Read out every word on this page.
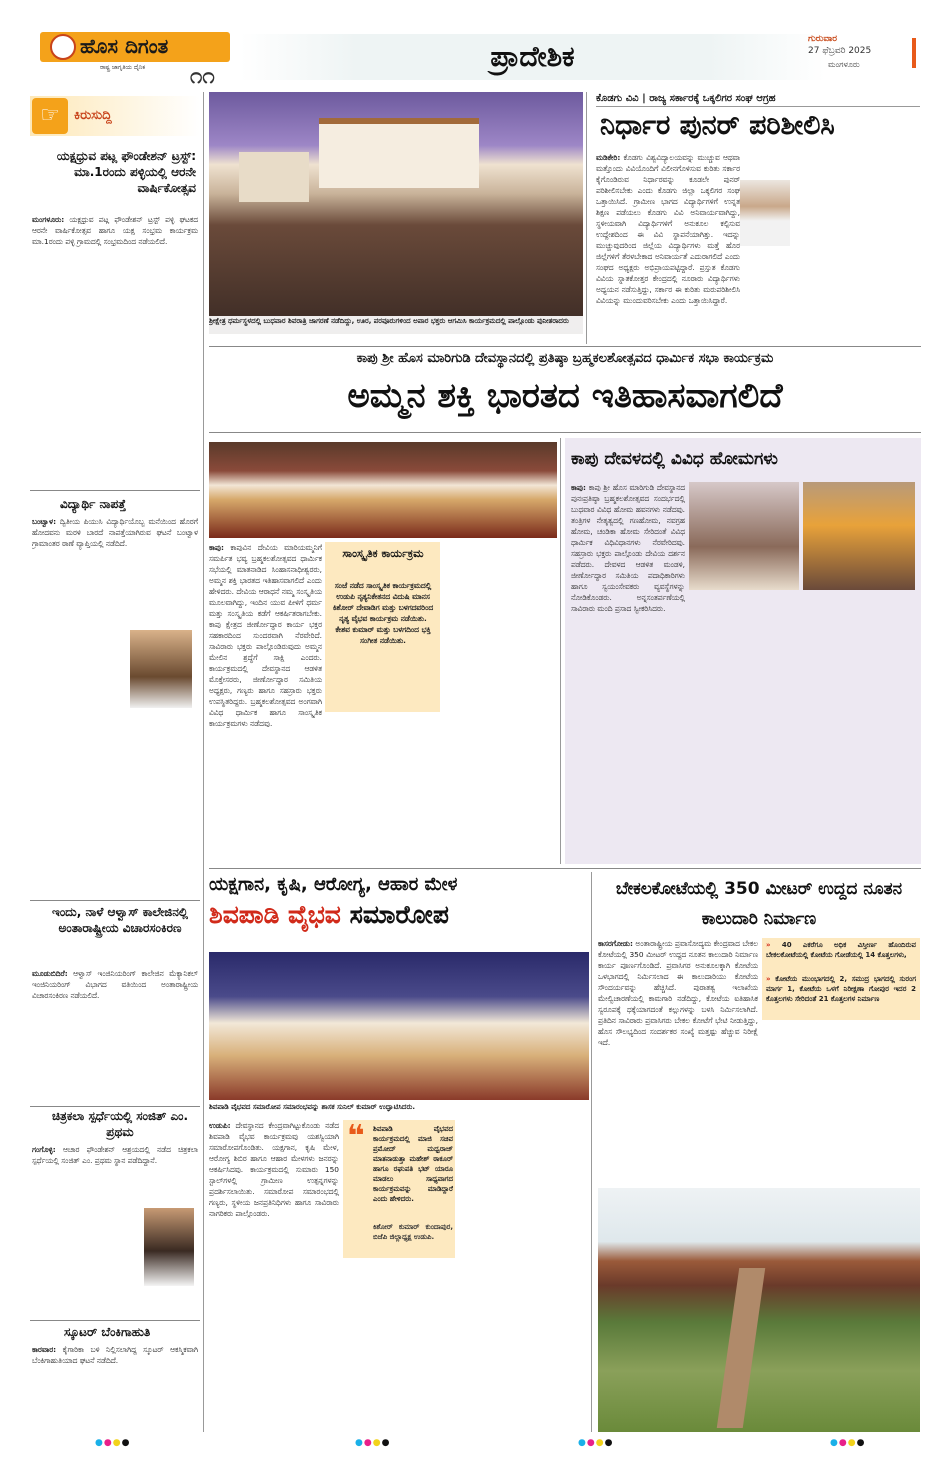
ಹೊಸ ದಿಗಂತ
ರಾಷ್ಟ್ರ ಜಾಗೃತಿಯ ದೈನಿಕ ೧೧
ಪ್ರಾದೇಶಿಕ
ಗುರುವಾರ
27 ಫೆಬ್ರವರಿ 2025
ಮಂಗಳೂರು
☞	ಕಿರುಸುದ್ದಿ
ಯಕ್ಷಧ್ರುವ ಪಟ್ಲ ಫೌಂಡೇಶನ್ ಟ್ರಸ್ಟ್: ಮಾ.1ರಂದು ಪಳ್ಳಿಯಲ್ಲಿ ಆರನೇ ವಾರ್ಷಿಕೋತ್ಸವ
ಮಂಗಳೂರು: ಯಕ್ಷಧ್ರುವ ಪಟ್ಲ ಫೌಂಡೇಶನ್ ಟ್ರಸ್ಟ್ ಪಳ್ಳಿ ಘಟಕದ ಆರನೇ ವಾರ್ಷಿಕೋತ್ಸವ ಹಾಗೂ ಯಕ್ಷ ಸಂಭ್ರಮ ಕಾರ್ಯಕ್ರಮ ಮಾ.1ರಂದು ಪಳ್ಳಿ ಗ್ರಾಮದಲ್ಲಿ ಸಂಭ್ರಮದಿಂದ ನಡೆಯಲಿದೆ.
ವಿದ್ಯಾರ್ಥಿ ನಾಪತ್ತೆ
ಬಂಟ್ವಾಳ: ದ್ವಿತೀಯ ಪಿಯುಸಿ ವಿದ್ಯಾರ್ಥಿಯೊಬ್ಬ ಮನೆಯಿಂದ ಹೊರಗೆ ಹೋದವನು ಮರಳಿ ಬಾರದೆ ನಾಪತ್ತೆಯಾಗಿರುವ ಘಟನೆ ಬಂಟ್ವಾಳ ಗ್ರಾಮಾಂತರ ಠಾಣೆ ವ್ಯಾಪ್ತಿಯಲ್ಲಿ ನಡೆದಿದೆ.
ಇಂದು, ನಾಳೆ ಆಳ್ವಾಸ್ ಕಾಲೇಜಿನಲ್ಲಿ ಅಂತಾರಾಷ್ಟ್ರೀಯ ವಿಚಾರಸಂಕಿರಣ
ಮೂಡುಬಿದಿರೆ: ಆಳ್ವಾಸ್ ಇಂಜಿನಿಯರಿಂಗ್ ಕಾಲೇಜಿನ ಮೆಕ್ಯಾನಿಕಲ್ ಇಂಜಿನಿಯರಿಂಗ್ ವಿಭಾಗದ ವತಿಯಿಂದ ಅಂತಾರಾಷ್ಟ್ರೀಯ ವಿಚಾರಸಂಕಿರಣ ನಡೆಯಲಿದೆ.
ಚಿತ್ರಕಲಾ ಸ್ಪರ್ಧೆಯಲ್ಲಿ ಸಂಜಿತ್ ಎಂ. ಪ್ರಥಮ
ಗಂಗೊಳ್ಳಿ: ಆಚಾರ ಫೌಂಡೇಶನ್ ಆಶ್ರಯದಲ್ಲಿ ನಡೆದ ಚಿತ್ರಕಲಾ ಸ್ಪರ್ಧೆಯಲ್ಲಿ ಸಂಜಿತ್ ಎಂ. ಪ್ರಥಮ ಸ್ಥಾನ ಪಡೆದಿದ್ದಾನೆ.
ಸ್ಕೂಟರ್ ಬೆಂಕಿಗಾಹುತಿ
ಕಾರವಾರ: ಕೈಗಾರಿಕಾ ಬಳಿ ನಿಲ್ಲಿಸಲಾಗಿದ್ದ ಸ್ಕೂಟರ್ ಆಕಸ್ಮಿಕವಾಗಿ ಬೆಂಕಿಗಾಹುತಿಯಾದ ಘಟನೆ ನಡೆದಿದೆ.
ಶ್ರೀಕ್ಷೇತ್ರ ಧರ್ಮಸ್ಥಳದಲ್ಲಿ ಬುಧವಾರ ಶಿವರಾತ್ರಿ ಜಾಗರಣೆ ನಡೆದಿದ್ದು, ಊರ, ಪರವೂರುಗಳಿಂದ ಅಪಾರ ಭಕ್ತರು ಆಗಮಿಸಿ ಕಾರ್ಯಕ್ರಮದಲ್ಲಿ ಪಾಲ್ಗೊಂಡು ಪುನೀತರಾದರು
ಕೊಡಗು ವಿವಿ | ರಾಜ್ಯ ಸರ್ಕಾರಕ್ಕೆ ಒಕ್ಕಲಿಗರ ಸಂಘ ಆಗ್ರಹ
ನಿರ್ಧಾರ ಪುನರ್ ಪರಿಶೀಲಿಸಿ
ಮಡಿಕೇರಿ: ಕೊಡಗು ವಿಶ್ವವಿದ್ಯಾಲಯವನ್ನು ಮುಚ್ಚುವ ಆಥವಾ ಮತ್ತೊಂದು ವಿವಿಯೊಂದಿಗೆ ವಿಲೀನಗೊಳಿಸುವ ಕುರಿತು ಸರ್ಕಾರ ಕೈಗೊಂಡಿರುವ ನಿರ್ಧಾರವನ್ನು ಕೂಡಲೇ ಪುನರ್ ಪರಿಶೀಲಿಸಬೇಕು ಎಂದು ಕೊಡಗು ಜಿಲ್ಲಾ ಒಕ್ಕಲಿಗರ ಸಂಘ ಒತ್ತಾಯಿಸಿದೆ. ಗ್ರಾಮೀಣ ಭಾಗದ ವಿದ್ಯಾರ್ಥಿಗಳಿಗೆ ಉನ್ನತ ಶಿಕ್ಷಣ ಪಡೆಯಲು ಕೊಡಗು ವಿವಿ ಅನಿವಾರ್ಯವಾಗಿದ್ದು, ಸ್ಥಳೀಯವಾಗಿ ವಿದ್ಯಾರ್ಥಿಗಳಿಗೆ ಅನುಕೂಲ ಕಲ್ಪಿಸುವ ಉದ್ದೇಶದಿಂದ ಈ ವಿವಿ ಸ್ಥಾಪನೆಯಾಗಿತ್ತು. ಇದನ್ನು ಮುಚ್ಚುವುದರಿಂದ ಜಿಲ್ಲೆಯ ವಿದ್ಯಾರ್ಥಿಗಳು ಮತ್ತೆ ಹೊರ ಜಿಲ್ಲೆಗಳಿಗೆ ತೆರಳಬೇಕಾದ ಅನಿವಾರ್ಯತೆ ಎದುರಾಗಲಿದೆ ಎಂದು ಸಂಘದ ಅಧ್ಯಕ್ಷರು ಅಭಿಪ್ರಾಯಪಟ್ಟಿದ್ದಾರೆ. ಪ್ರಸ್ತುತ ಕೊಡಗು ವಿವಿಯ ಸ್ನಾತಕೋತ್ತರ ಕೇಂದ್ರದಲ್ಲಿ ನೂರಾರು ವಿದ್ಯಾರ್ಥಿಗಳು ಅಧ್ಯಯನ ನಡೆಸುತ್ತಿದ್ದು, ಸರ್ಕಾರ ಈ ಕುರಿತು ಮರುಪರಿಶೀಲಿಸಿ ವಿವಿಯನ್ನು ಮುಂದುವರಿಸಬೇಕು ಎಂದು ಒತ್ತಾಯಿಸಿದ್ದಾರೆ.
ಕಾಪು ಶ್ರೀ ಹೊಸ ಮಾರಿಗುಡಿ ದೇವಸ್ಥಾನದಲ್ಲಿ ಪ್ರತಿಷ್ಠಾ ಬ್ರಹ್ಮಕಲಶೋತ್ಸವದ ಧಾರ್ಮಿಕ ಸಭಾ ಕಾರ್ಯಕ್ರಮ
ಅಮ್ಮನ ಶಕ್ತಿ ಭಾರತದ ಇತಿಹಾಸವಾಗಲಿದೆ
ಕಾಪು: ಕಾಪುವಿನ ದೇವಿಯ ಮಾರಿಯಮ್ಮನಿಗೆ ಸಮರ್ಪಿತ ಭವ್ಯ ಬ್ರಹ್ಮಕಲಶೋತ್ಸವದ ಧಾರ್ಮಿಕ ಸಭೆಯಲ್ಲಿ ಮಾತನಾಡಿದ ಸಿಂಹಾಸನಾಧೀಶ್ವರರು, ಅಮ್ಮನ ಶಕ್ತಿ ಭಾರತದ ಇತಿಹಾಸವಾಗಲಿದೆ ಎಂದು ಹೇಳಿದರು. ದೇವಿಯ ಆರಾಧನೆ ನಮ್ಮ ಸಂಸ್ಕೃತಿಯ ಮೂಲವಾಗಿದ್ದು, ಇಂದಿನ ಯುವ ಪೀಳಿಗೆ ಧರ್ಮ ಮತ್ತು ಸಂಸ್ಕೃತಿಯ ಕಡೆಗೆ ಆಕರ್ಷಿತರಾಗಬೇಕು. ಕಾಪು ಕ್ಷೇತ್ರದ ಜೀರ್ಣೋದ್ಧಾರ ಕಾರ್ಯ ಭಕ್ತರ ಸಹಕಾರದಿಂದ ಸುಂದರವಾಗಿ ನೆರವೇರಿದೆ. ಸಾವಿರಾರು ಭಕ್ತರು ಪಾಲ್ಗೊಂಡಿರುವುದು ಅಮ್ಮನ ಮೇಲಿನ ಶ್ರದ್ಧೆಗೆ ಸಾಕ್ಷಿ ಎಂದರು. ಕಾರ್ಯಕ್ರಮದಲ್ಲಿ ದೇವಸ್ಥಾನದ ಆಡಳಿತ ಮೊಕ್ತೇಸರರು, ಜೀರ್ಣೋದ್ಧಾರ ಸಮಿತಿಯ ಅಧ್ಯಕ್ಷರು, ಗಣ್ಯರು ಹಾಗೂ ಸಹಸ್ರಾರು ಭಕ್ತರು ಉಪಸ್ಥಿತರಿದ್ದರು. ಬ್ರಹ್ಮಕಲಶೋತ್ಸವದ ಅಂಗವಾಗಿ ವಿವಿಧ ಧಾರ್ಮಿಕ ಹಾಗೂ ಸಾಂಸ್ಕೃತಿಕ ಕಾರ್ಯಕ್ರಮಗಳು ನಡೆದವು.
ಸಾಂಸ್ಕೃತಿಕ ಕಾರ್ಯಕ್ರಮ
ಸಂಜೆ ನಡೆದ ಸಾಂಸ್ಕೃತಿಕ ಕಾರ್ಯಕ್ರಮದಲ್ಲಿ ಉಡುಪಿ ನೃತ್ಯನಿಕೇತನದ ವಿದುಷಿ ಮಾನಸ ಕಿಶೋರ್ ದೇವಾಡಿಗ ಮತ್ತು ಬಳಗದವರಿಂದ ನೃತ್ಯ ವೈಭವ ಕಾರ್ಯಕ್ರಮ ನಡೆಯಿತು. ಕೇಶವ ಕುಮಾರ್ ಮತ್ತು ಬಳಗದಿಂದ ಭಕ್ತಿ ಸಂಗೀತ ನಡೆಯಿತು.
ಕಾಪು ದೇವಳದಲ್ಲಿ ವಿವಿಧ ಹೋಮಗಳು
ಕಾಪು: ಕಾಪು ಶ್ರೀ ಹೊಸ ಮಾರಿಗುಡಿ ದೇವಸ್ಥಾನದ ಪುನಃಪ್ರತಿಷ್ಠಾ ಬ್ರಹ್ಮಕಲಶೋತ್ಸವದ ಸಂದರ್ಭದಲ್ಲಿ ಬುಧವಾರ ವಿವಿಧ ಹೋಮ ಹವನಗಳು ನಡೆದವು. ತಂತ್ರಿಗಳ ನೇತೃತ್ವದಲ್ಲಿ ಗಣಹೋಮ, ನವಗ್ರಹ ಹೋಮ, ಚಂಡಿಕಾ ಹೋಮ ಸೇರಿದಂತೆ ವಿವಿಧ ಧಾರ್ಮಿಕ ವಿಧಿವಿಧಾನಗಳು ನೆರವೇರಿದವು. ಸಹಸ್ರಾರು ಭಕ್ತರು ಪಾಲ್ಗೊಂಡು ದೇವಿಯ ದರ್ಶನ ಪಡೆದರು. ದೇವಳದ ಆಡಳಿತ ಮಂಡಳಿ, ಜೀರ್ಣೋದ್ಧಾರ ಸಮಿತಿಯ ಪದಾಧಿಕಾರಿಗಳು ಹಾಗೂ ಸ್ವಯಂಸೇವಕರು ವ್ಯವಸ್ಥೆಗಳನ್ನು ನೋಡಿಕೊಂಡರು. ಅನ್ನಸಂತರ್ಪಣೆಯಲ್ಲಿ ಸಾವಿರಾರು ಮಂದಿ ಪ್ರಸಾದ ಸ್ವೀಕರಿಸಿದರು.
ಯಕ್ಷಗಾನ, ಕೃಷಿ, ಆರೋಗ್ಯ, ಆಹಾರ ಮೇಳ
ಶಿವಪಾಡಿ ವೈಭವ ಸಮಾರೋಪ
ಶಿವಪಾಡಿ ವೈಭವದ ಸಮಾರೋಪ ಸಮಾರಂಭವನ್ನು ಶಾಸಕ ಸುನಿಲ್ ಕುಮಾರ್ ಉದ್ಘಾಟಿಸಿದರು.
ಉಡುಪಿ: ದೇವಸ್ಥಾನದ ಕೇಂದ್ರವಾಗಿಟ್ಟುಕೊಂಡು ನಡೆದ ಶಿವಪಾಡಿ ವೈಭವ ಕಾರ್ಯಕ್ರಮವು ಯಶಸ್ವಿಯಾಗಿ ಸಮಾರೋಪಗೊಂಡಿತು. ಯಕ್ಷಗಾನ, ಕೃಷಿ ಮೇಳ, ಆರೋಗ್ಯ ಶಿಬಿರ ಹಾಗೂ ಆಹಾರ ಮೇಳಗಳು ಜನರನ್ನು ಆಕರ್ಷಿಸಿದವು. ಕಾರ್ಯಕ್ರಮದಲ್ಲಿ ಸುಮಾರು 150 ಸ್ಟಾಲ್‌ಗಳಲ್ಲಿ ಗ್ರಾಮೀಣ ಉತ್ಪನ್ನಗಳನ್ನು ಪ್ರದರ್ಶಿಸಲಾಯಿತು. ಸಮಾರೋಪ ಸಮಾರಂಭದಲ್ಲಿ ಗಣ್ಯರು, ಸ್ಥಳೀಯ ಜನಪ್ರತಿನಿಧಿಗಳು ಹಾಗೂ ಸಾವಿರಾರು ನಾಗರಿಕರು ಪಾಲ್ಗೊಂಡರು.
❝ ಶಿವಪಾಡಿ ವೈಭವದ ಕಾರ್ಯಕ್ರಮದಲ್ಲಿ ಮಾಜಿ ಸಚಿವ ಪ್ರಮೋದ್ ಮಧ್ವರಾಜ್ ಮಾತನಾಡುತ್ತಾ ಮಹೇಶ್ ಠಾಕೂರ್ ಹಾಗೂ ರಘುಪತಿ ಭಟ್ ಯಾರೂ ಮಾಡಲು ಸಾಧ್ಯವಾಗದ ಕಾರ್ಯಕ್ರಮವನ್ನು ಮಾಡಿದ್ದಾರೆ ಎಂದು ಹೇಳಿದರು.
ಕಿಶೋರ್ ಕುಮಾರ್ ಕುಂದಾಪುರ, ಬಿಜೆಪಿ ಜಿಲ್ಲಾಧ್ಯಕ್ಷ ಉಡುಪಿ.
ಬೇಕಲಕೋಟೆಯಲ್ಲಿ 350 ಮೀಟರ್ ಉದ್ದದ ನೂತನ ಕಾಲುದಾರಿ ನಿರ್ಮಾಣ
ಕಾಸರಗೋಡು: ಅಂತಾರಾಷ್ಟ್ರೀಯ ಪ್ರವಾಸೋದ್ಯಮ ಕೇಂದ್ರವಾದ ಬೇಕಲ ಕೋಟೆಯಲ್ಲಿ 350 ಮೀಟರ್ ಉದ್ದದ ನೂತನ ಕಾಲುದಾರಿ ನಿರ್ಮಾಣ ಕಾರ್ಯ ಪೂರ್ಣಗೊಂಡಿದೆ. ಪ್ರವಾಸಿಗರ ಅನುಕೂಲಕ್ಕಾಗಿ ಕೋಟೆಯ ಒಳಭಾಗದಲ್ಲಿ ನಿರ್ಮಿಸಲಾದ ಈ ಕಾಲುದಾರಿಯು ಕೋಟೆಯ ಸೌಂದರ್ಯವನ್ನು ಹೆಚ್ಚಿಸಿದೆ. ಪುರಾತತ್ವ ಇಲಾಖೆಯ ಮೇಲ್ವಿಚಾರಣೆಯಲ್ಲಿ ಕಾಮಗಾರಿ ನಡೆದಿದ್ದು, ಕೋಟೆಯ ಐತಿಹಾಸಿಕ ಸ್ವರೂಪಕ್ಕೆ ಧಕ್ಕೆಯಾಗದಂತೆ ಕಲ್ಲುಗಳನ್ನು ಬಳಸಿ ನಿರ್ಮಿಸಲಾಗಿದೆ. ಪ್ರತಿದಿನ ಸಾವಿರಾರು ಪ್ರವಾಸಿಗರು ಬೇಕಲ ಕೋಟೆಗೆ ಭೇಟಿ ನೀಡುತ್ತಿದ್ದು, ಹೊಸ ಸೌಲಭ್ಯದಿಂದ ಸಂದರ್ಶಕರ ಸಂಖ್ಯೆ ಮತ್ತಷ್ಟು ಹೆಚ್ಚುವ ನಿರೀಕ್ಷೆ ಇದೆ.
» 40 ಎಕರೆಗೂ ಅಧಿಕ ವಿಸ್ತೀರ್ಣ ಹೊಂದಿರುವ ಬೇಕಲಕೋಟೆಯಲ್ಲಿ ಕೋಟೆಯ ಗೋಡೆಯಲ್ಲಿ 14 ಕೊತ್ತಲಗಳು,
» ಕೋಟೆಯ ಮುಂಭಾಗದಲ್ಲಿ 2, ಸಮುದ್ರ ಭಾಗದಲ್ಲಿ ಸುರಂಗ ಮಾರ್ಗ 1, ಕೋಟೆಯ ಒಳಗೆ ನಿರೀಕ್ಷಣಾ ಗೋಪುರ ಇದರ 2 ಕೊತ್ತಲಗಳು ಸೇರಿದಂತೆ 21 ಕೊತ್ತಲಗಳ ನಿರ್ಮಾಣ
●●●●	●●●●	●●●●	●●●●
